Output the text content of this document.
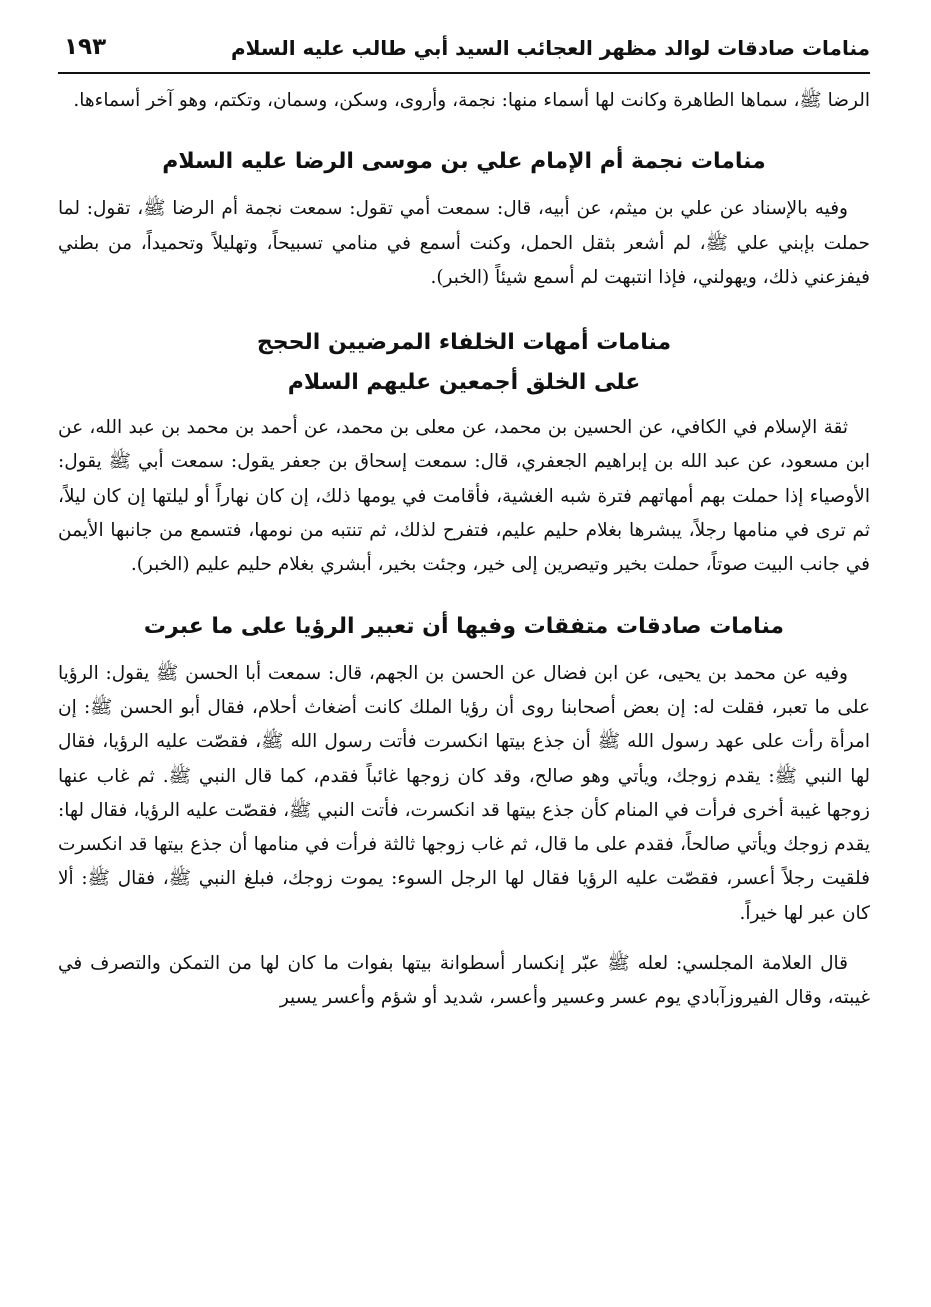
منامات صادقات لوالد مظهر العجائب السيد أبي طالب عليه السلام
١٩٣

الرضا ﷺ، سماها الطاهرة وكانت لها أسماء منها: نجمة، وأروى، وسكن، وسمان، وتكتم، وهو آخر أسماءها.

منامات نجمة أم الإمام علي بن موسى الرضا عليه السلام

وفيه بالإسناد عن علي بن ميثم، عن أبيه، قال: سمعت أمي تقول: سمعت نجمة أم الرضا ﷺ، تقول: لما حملت بإبني علي ﷺ، لم أشعر بثقل الحمل، وكنت أسمع في منامي تسبيحاً، وتهليلاً وتحميداً، من بطني فيفزعني ذلك، ويهولني، فإذا انتبهت لم أسمع شيئاً (الخبر).

منامات أمهات الخلفاء المرضيين الحجج
على الخلق أجمعين عليهم السلام

ثقة الإسلام في الكافي، عن الحسين بن محمد، عن معلى بن محمد، عن أحمد بن محمد بن عبد الله، عن ابن مسعود، عن عبد الله بن إبراهيم الجعفري، قال: سمعت إسحاق بن جعفر يقول: سمعت أبي ﷺ يقول: الأوصياء إذا حملت بهم أمهاتهم فترة شبه الغشية، فأقامت في يومها ذلك، إن كان نهاراً أو ليلتها إن كان ليلاً، ثم ترى في منامها رجلاً، يبشرها بغلام حليم عليم، فتفرح لذلك، ثم تنتبه من نومها، فتسمع من جانبها الأيمن في جانب البيت صوتاً، حملت بخير وتيصرين إلى خير، وجئت بخير، أبشري بغلام حليم عليم (الخبر).

منامات صادقات متفقات وفيها أن تعبير الرؤيا على ما عبرت

وفيه عن محمد بن يحيى، عن ابن فضال عن الحسن بن الجهم، قال: سمعت أبا الحسن ﷺ يقول: الرؤيا على ما تعبر، فقلت له: إن بعض أصحابنا روى أن رؤيا الملك كانت أضغاث أحلام، فقال أبو الحسن ﷺ: إن امرأة رأت على عهد رسول الله ﷺ أن جذع بيتها انكسرت فأتت رسول الله ﷺ، فقصّت عليه الرؤيا، فقال لها النبي ﷺ: يقدم زوجك، ويأتي وهو صالح، وقد كان زوجها غائباً فقدم، كما قال النبي ﷺ. ثم غاب عنها زوجها غيبة أخرى فرأت في المنام كأن جذع بيتها قد انكسرت، فأتت النبي ﷺ، فقصّت عليه الرؤيا، فقال لها: يقدم زوجك ويأتي صالحاً، فقدم على ما قال، ثم غاب زوجها ثالثة فرأت في منامها أن جذع بيتها قد انكسرت فلقيت رجلاً أعسر، فقصّت عليه الرؤيا فقال لها الرجل السوء: يموت زوجك، فبلغ النبي ﷺ، فقال ﷺ: ألا كان عبر لها خيراً.

قال العلامة المجلسي: لعله ﷺ عبّر إنكسار أسطوانة بيتها بفوات ما كان لها من التمكن والتصرف في غيبته، وقال الفيروزآبادي يوم عسر وعسير وأعسر، شديد أو شؤم وأعسر يسير
